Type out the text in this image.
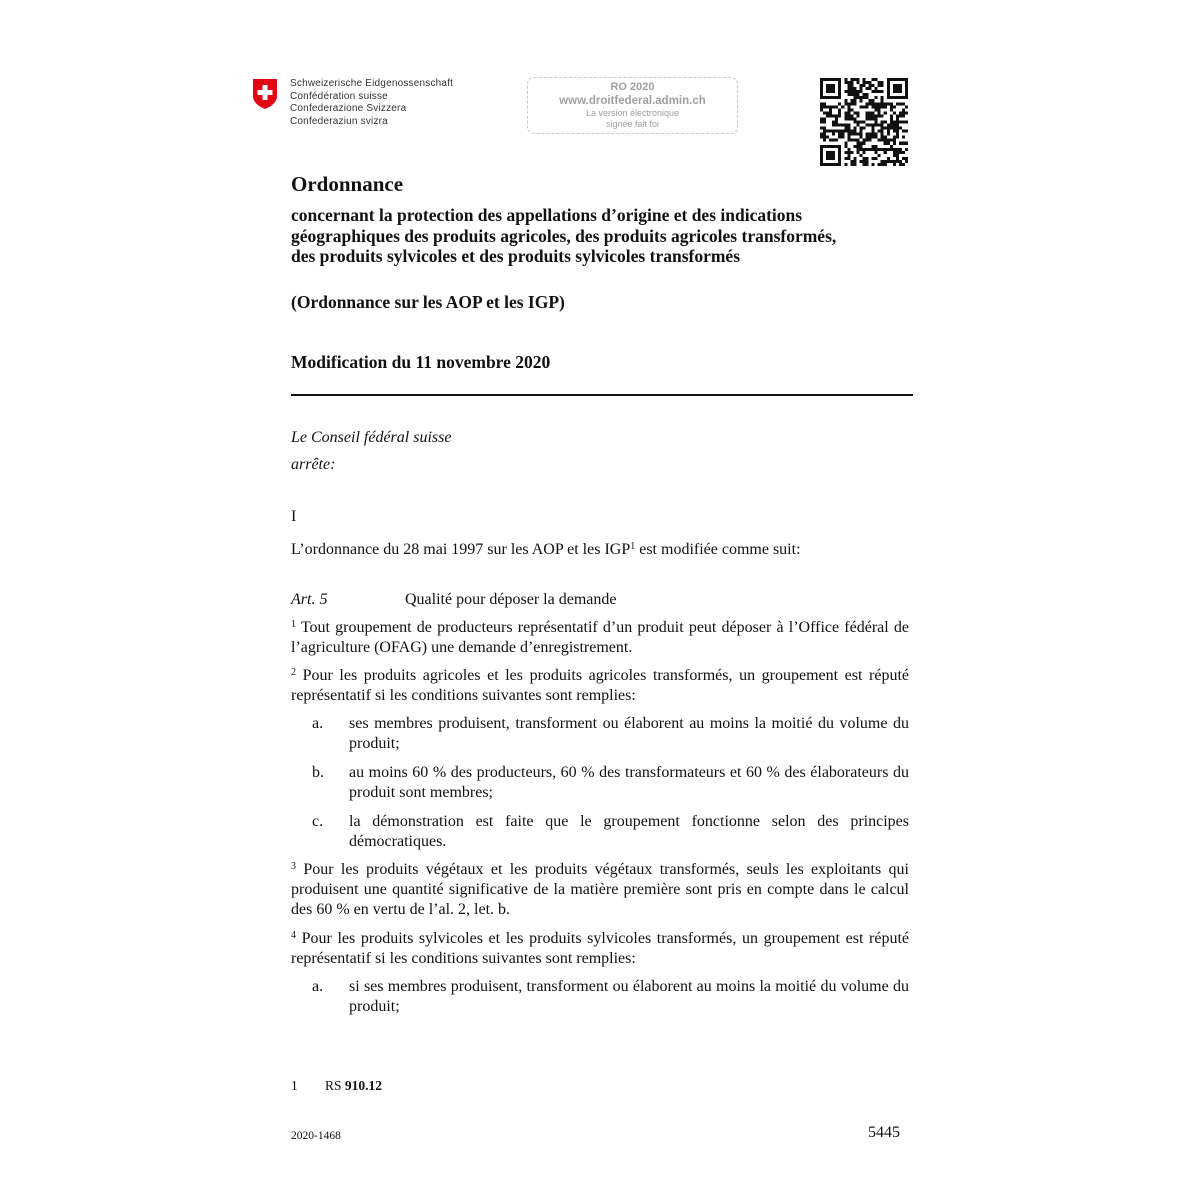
Schweizerische Eidgenossenschaft
Confédération suisse
Confederazione Svizzera
Confederaziun svizra
RO 2020
www.droitfederal.admin.ch
La version électronique
signée fait foi
Ordonnance
concernant la protection des appellations d’origine et des indications géographiques des produits agricoles, des produits agricoles transformés, des produits sylvicoles et des produits sylvicoles transformés
(Ordonnance sur les AOP et les IGP)
Modification du 11 novembre 2020
Le Conseil fédéral suisse
arrête:
I
L’ordonnance du 28 mai 1997 sur les AOP et les IGP$^1$ est modifiée comme suit:
Art. 5	Qualité pour déposer la demande
$^1$ Tout groupement de producteurs représentatif d’un produit peut déposer à l’Office fédéral de l’agriculture (OFAG) une demande d’enregistrement.
$^2$ Pour les produits agricoles et les produits agricoles transformés, un groupement est réputé représentatif si les conditions suivantes sont remplies:
a. ses membres produisent, transforment ou élaborent au moins la moitié du volume du produit;
b. au moins 60 % des producteurs, 60 % des transformateurs et 60 % des élaborateurs du produit sont membres;
c. la démonstration est faite que le groupement fonctionne selon des principes démocratiques.
$^3$ Pour les produits végétaux et les produits végétaux transformés, seuls les exploitants qui produisent une quantité significative de la matière première sont pris en compte dans le calcul des 60 % en vertu de l’al. 2, let. b.
$^4$ Pour les produits sylvicoles et les produits sylvicoles transformés, un groupement est réputé représentatif si les conditions suivantes sont remplies:
a. si ses membres produisent, transforment ou élaborent au moins la moitié du volume du produit;
1 RS 910.12
2020-1468	5445
